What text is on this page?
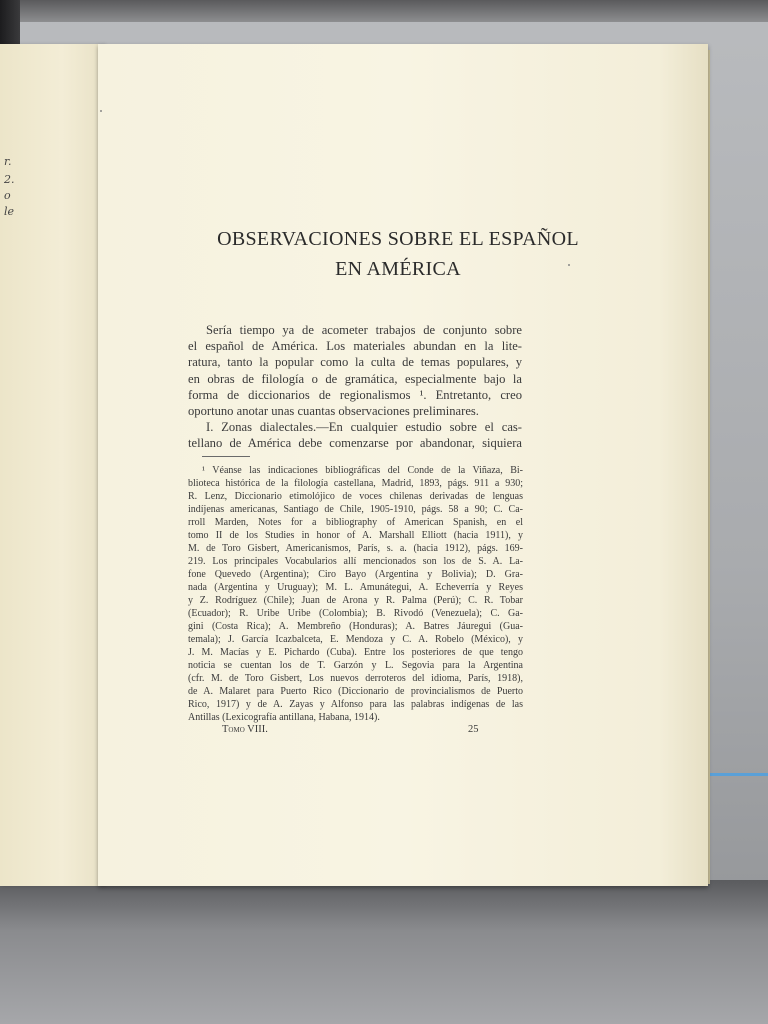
r.
2.
o
le
OBSERVACIONES SOBRE EL ESPAÑOL
EN AMÉRICA

Sería tiempo ya de acometer trabajos de conjunto sobre

el español de América. Los materiales abundan en la lite-

ratura, tanto la popular como la culta de temas populares, y

en obras de filología o de gramática, especialmente bajo la

forma de diccionarios de regionalismos ¹. Entretanto, creo

oportuno anotar unas cuantas observaciones preliminares.

I. Zonas dialectales.—En cualquier estudio sobre el cas-

tellano de América debe comenzarse por abandonar, siquiera

¹ Véanse las indicaciones bibliográficas del Conde de la Viñaza, Bi-

blioteca histórica de la filología castellana, Madrid, 1893, págs. 911 a 930;

R. Lenz, Diccionario etimolójico de voces chilenas derivadas de lenguas

indíjenas americanas, Santiago de Chile, 1905-1910, págs. 58 a 90; C. Ca-

rroll Marden, Notes for a bibliography of American Spanish, en el

tomo II de los Studies in honor of A. Marshall Elliott (hacia 1911), y

M. de Toro Gisbert, Americanismos, París, s. a. (hacia 1912), págs. 169-

219. Los principales Vocabularios allí mencionados son los de S. A. La-

fone Quevedo (Argentina); Ciro Bayo (Argentina y Bolivia); D. Gra-

nada (Argentina y Uruguay); M. L. Amunátegui, A. Echeverría y Reyes

y Z. Rodríguez (Chile); Juan de Arona y R. Palma (Perú); C. R. Tobar

(Ecuador); R. Uribe Uribe (Colombia); B. Rivodó (Venezuela); C. Ga-

gini (Costa Rica); A. Membreño (Honduras); A. Batres Jáuregui (Gua-

temala); J. García Icazbalceta, E. Mendoza y C. A. Robelo (México), y

J. M. Macías y E. Pichardo (Cuba). Entre los posteriores de que tengo

noticia se cuentan los de T. Garzón y L. Segovia para la Argentina

(cfr. M. de Toro Gisbert, Los nuevos derroteros del idioma, París, 1918),

de A. Malaret para Puerto Rico (Diccionario de provincialismos de Puerto

Rico, 1917) y de A. Zayas y Alfonso para las palabras indígenas de las

Antillas (Lexicografía antillana, Habana, 1914).

Tomo VIII.	25
